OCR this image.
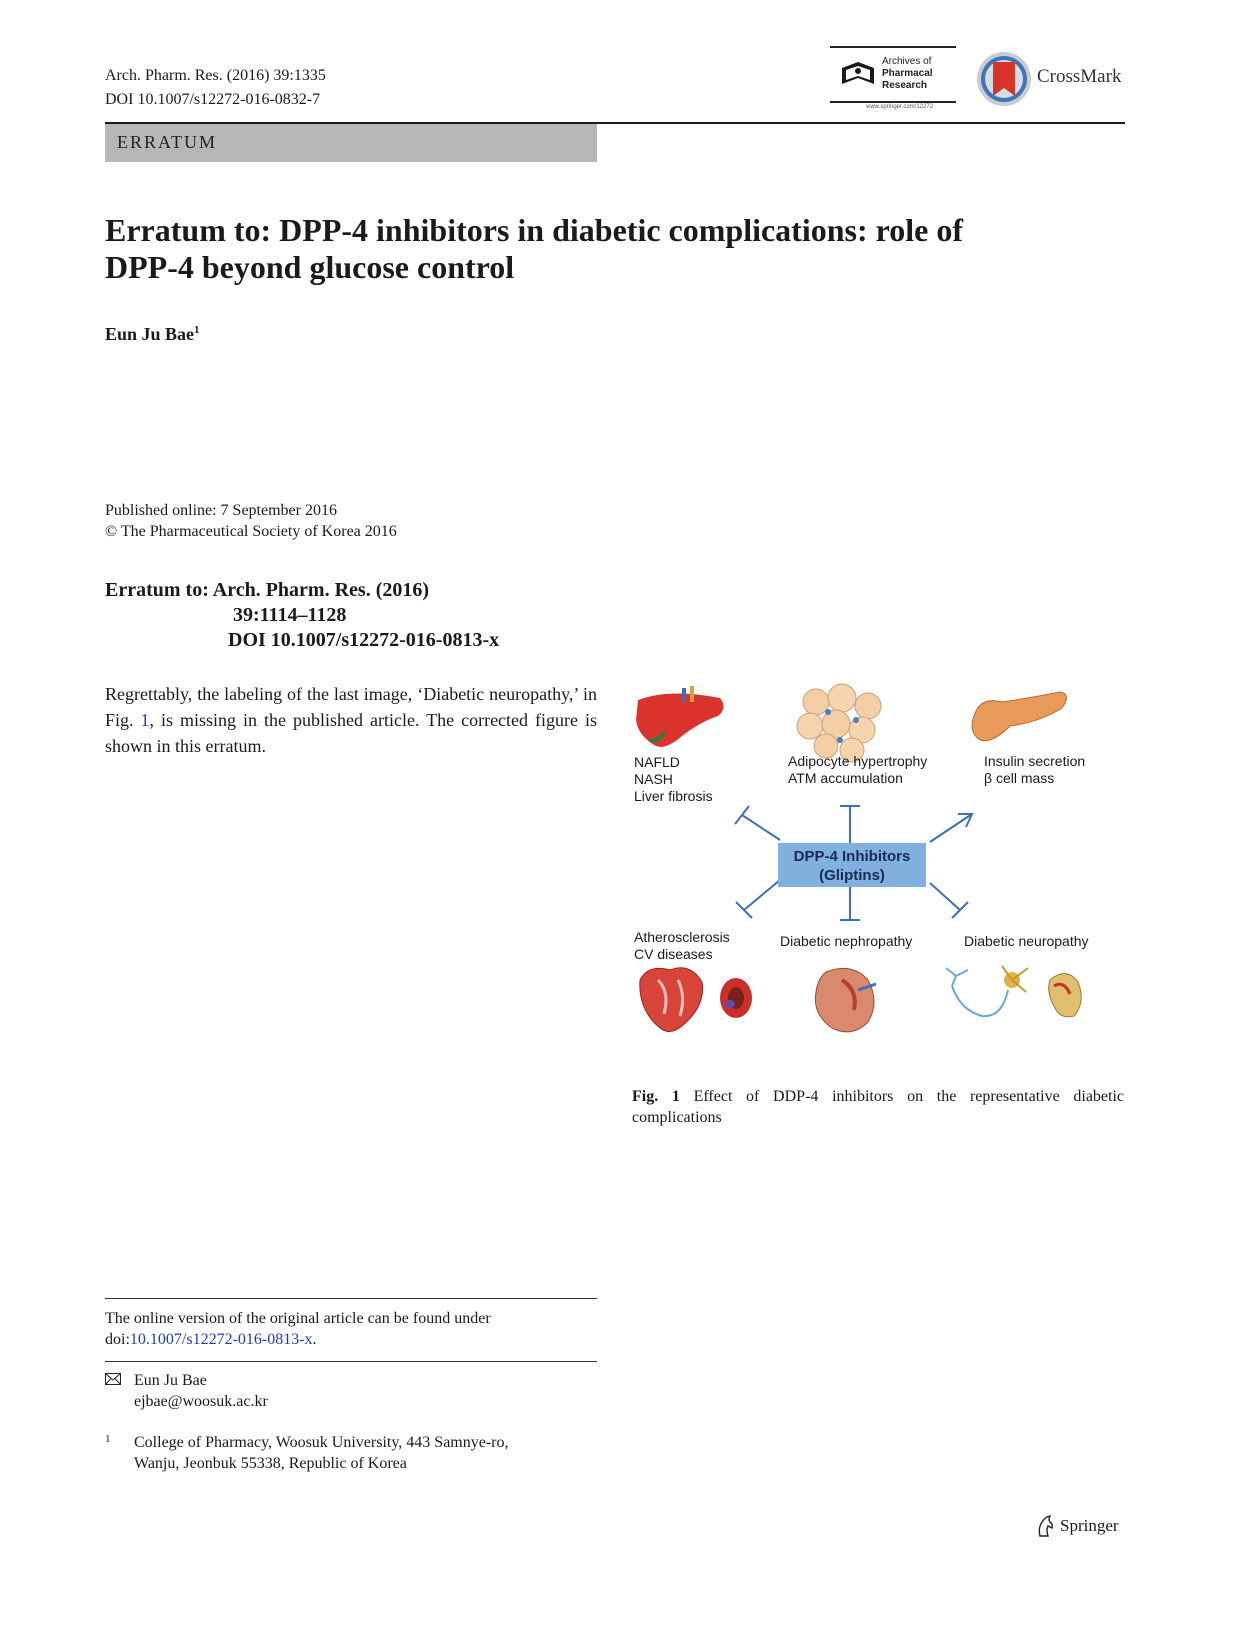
Arch. Pharm. Res. (2016) 39:1335
DOI 10.1007/s12272-016-0832-7
Archives of
Pharmacal
Research
www.springer.com/12272
CrossMark
ERRATUM
Erratum to: DPP-4 inhibitors in diabetic complications: role of DPP-4 beyond glucose control
Eun Ju Bae$^1$
Published online: 7 September 2016
© The Pharmaceutical Society of Korea 2016
Erratum to: Arch. Pharm. Res. (2016)
39:1114–1128
DOI 10.1007/s12272-016-0813-x
Regrettably, the labeling of the last image, ‘Diabetic neuropathy,’ in Fig. 1, is missing in the published article. The corrected figure is shown in this erratum.
NAFLD
NASH
Liver fibrosis
Adipocyte hypertrophy
ATM accumulation
Insulin secretion
β cell mass
DPP-4 Inhibitors
(Gliptins)
Atherosclerosis
CV diseases
Diabetic nephropathy	Diabetic neuropathy
Fig. 1 Effect of DDP-4 inhibitors on the representative diabetic complications
The online version of the original article can be found under doi:10.1007/s12272-016-0813-x.
Eun Ju Bae
ejbae@woosuk.ac.kr
1 College of Pharmacy, Woosuk University, 443 Samnye-ro,
Wanju, Jeonbuk 55338, Republic of Korea
Springer
